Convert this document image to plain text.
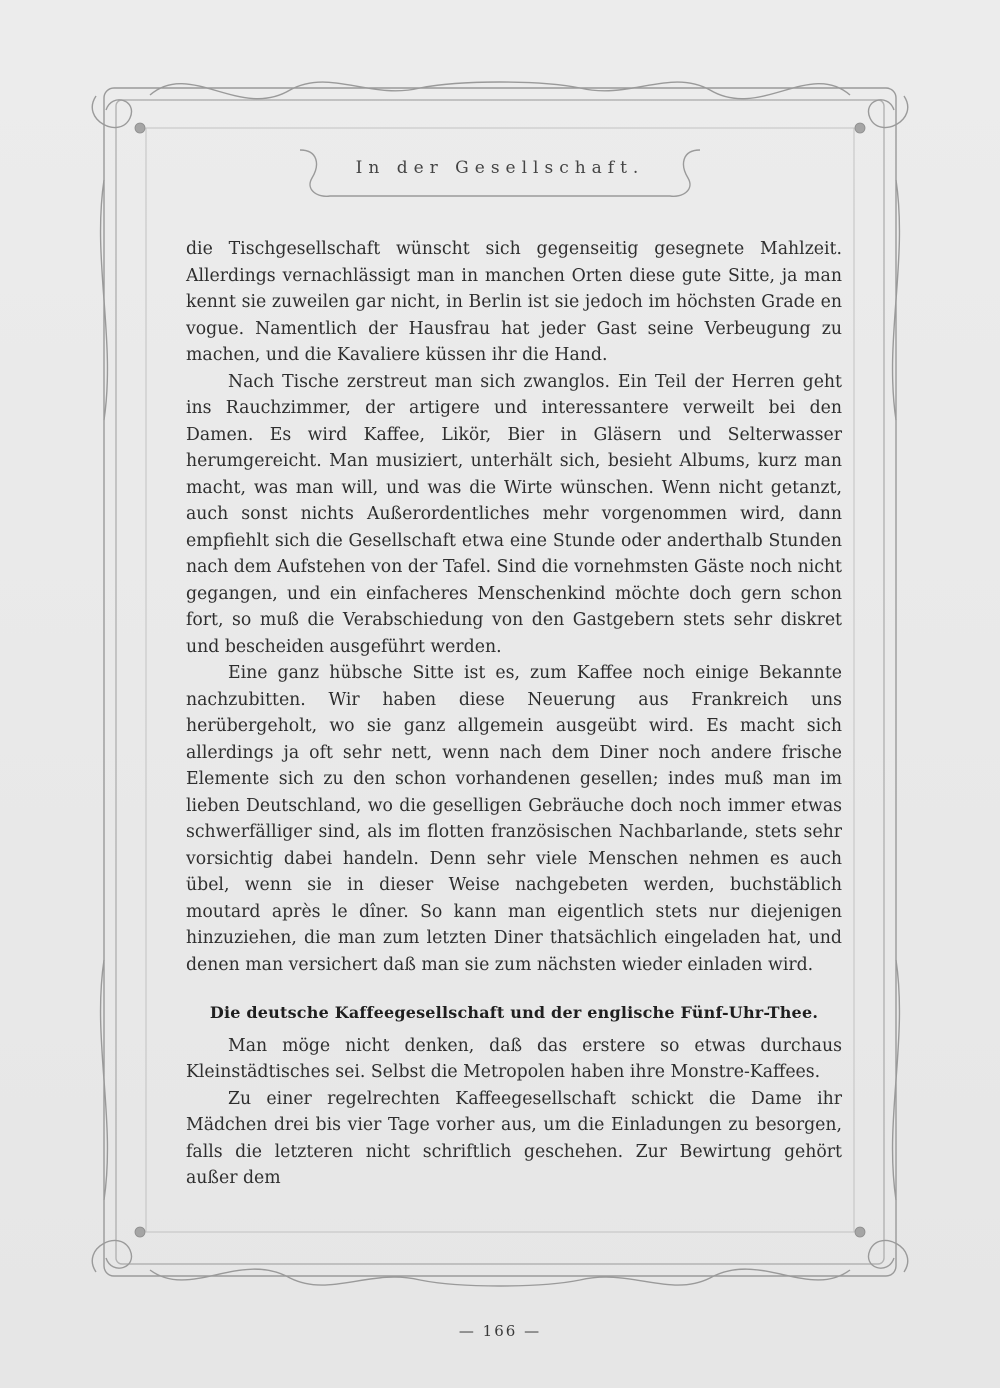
In der Gesellschaft.

die Tischgesellschaft wünscht sich gegenseitig gesegnete Mahlzeit. Allerdings vernachlässigt man in manchen Orten diese gute Sitte, ja man kennt sie zuweilen gar nicht, in Berlin ist sie jedoch im höchsten Grade en vogue. Namentlich der Hausfrau hat jeder Gast seine Verbeugung zu machen, und die Kavaliere küssen ihr die Hand.

Nach Tische zerstreut man sich zwanglos. Ein Teil der Herren geht ins Rauchzimmer, der artigere und interessantere verweilt bei den Damen. Es wird Kaffee, Likör, Bier in Gläsern und Selterwasser herumgereicht. Man musiziert, unterhält sich, besieht Albums, kurz man macht, was man will, und was die Wirte wünschen. Wenn nicht getanzt, auch sonst nichts Außerordentliches mehr vorgenommen wird, dann empfiehlt sich die Gesellschaft etwa eine Stunde oder anderthalb Stunden nach dem Aufstehen von der Tafel. Sind die vornehmsten Gäste noch nicht gegangen, und ein einfacheres Menschenkind möchte doch gern schon fort, so muß die Verabschiedung von den Gastgebern stets sehr diskret und bescheiden ausgeführt werden.

Eine ganz hübsche Sitte ist es, zum Kaffee noch einige Bekannte nachzubitten. Wir haben diese Neuerung aus Frankreich uns herübergeholt, wo sie ganz allgemein ausgeübt wird. Es macht sich allerdings ja oft sehr nett, wenn nach dem Diner noch andere frische Elemente sich zu den schon vorhandenen gesellen; indes muß man im lieben Deutschland, wo die geselligen Gebräuche doch noch immer etwas schwerfälliger sind, als im flotten französischen Nachbarlande, stets sehr vorsichtig dabei handeln. Denn sehr viele Menschen nehmen es auch übel, wenn sie in dieser Weise nachgebeten werden, buchstäblich moutard après le dîner. So kann man eigentlich stets nur diejenigen hinzuziehen, die man zum letzten Diner thatsächlich eingeladen hat, und denen man versichert daß man sie zum nächsten wieder einladen wird.

Die deutsche Kaffeegesellschaft und der englische Fünf-Uhr-Thee.

Man möge nicht denken, daß das erstere so etwas durchaus Kleinstädtisches sei. Selbst die Metropolen haben ihre Monstre-Kaffees.

Zu einer regelrechten Kaffeegesellschaft schickt die Dame ihr Mädchen drei bis vier Tage vorher aus, um die Einladungen zu besorgen, falls die letzteren nicht schriftlich geschehen. Zur Bewirtung gehört außer dem

— 166 —
